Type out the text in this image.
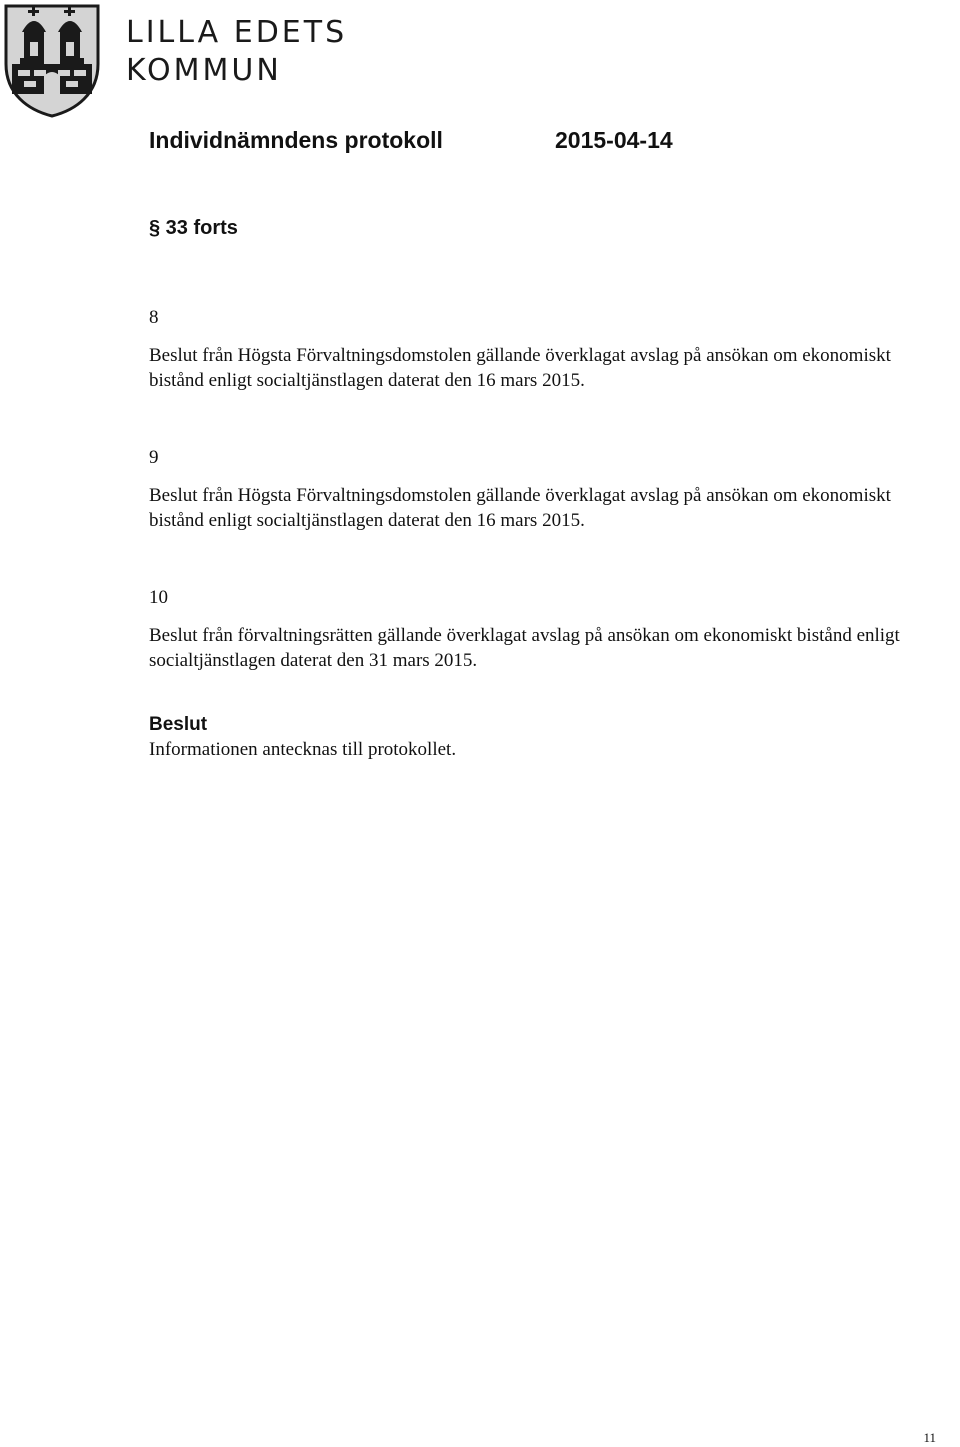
LILLA EDETS
KOMMUN
Individnämndens protokoll	2015-04-14
§ 33 forts
8
Beslut från Högsta Förvaltningsdomstolen gällande överklagat avslag på ansökan om ekonomiskt bistånd enligt socialtjänstlagen daterat den 16 mars 2015.
9
Beslut från Högsta Förvaltningsdomstolen gällande överklagat avslag på ansökan om ekonomiskt bistånd enligt socialtjänstlagen daterat den 16 mars 2015.
10
Beslut från förvaltningsrätten gällande överklagat avslag på ansökan om ekonomiskt bistånd enligt socialtjänstlagen daterat den 31 mars 2015.
Beslut
Informationen antecknas till protokollet.
11
